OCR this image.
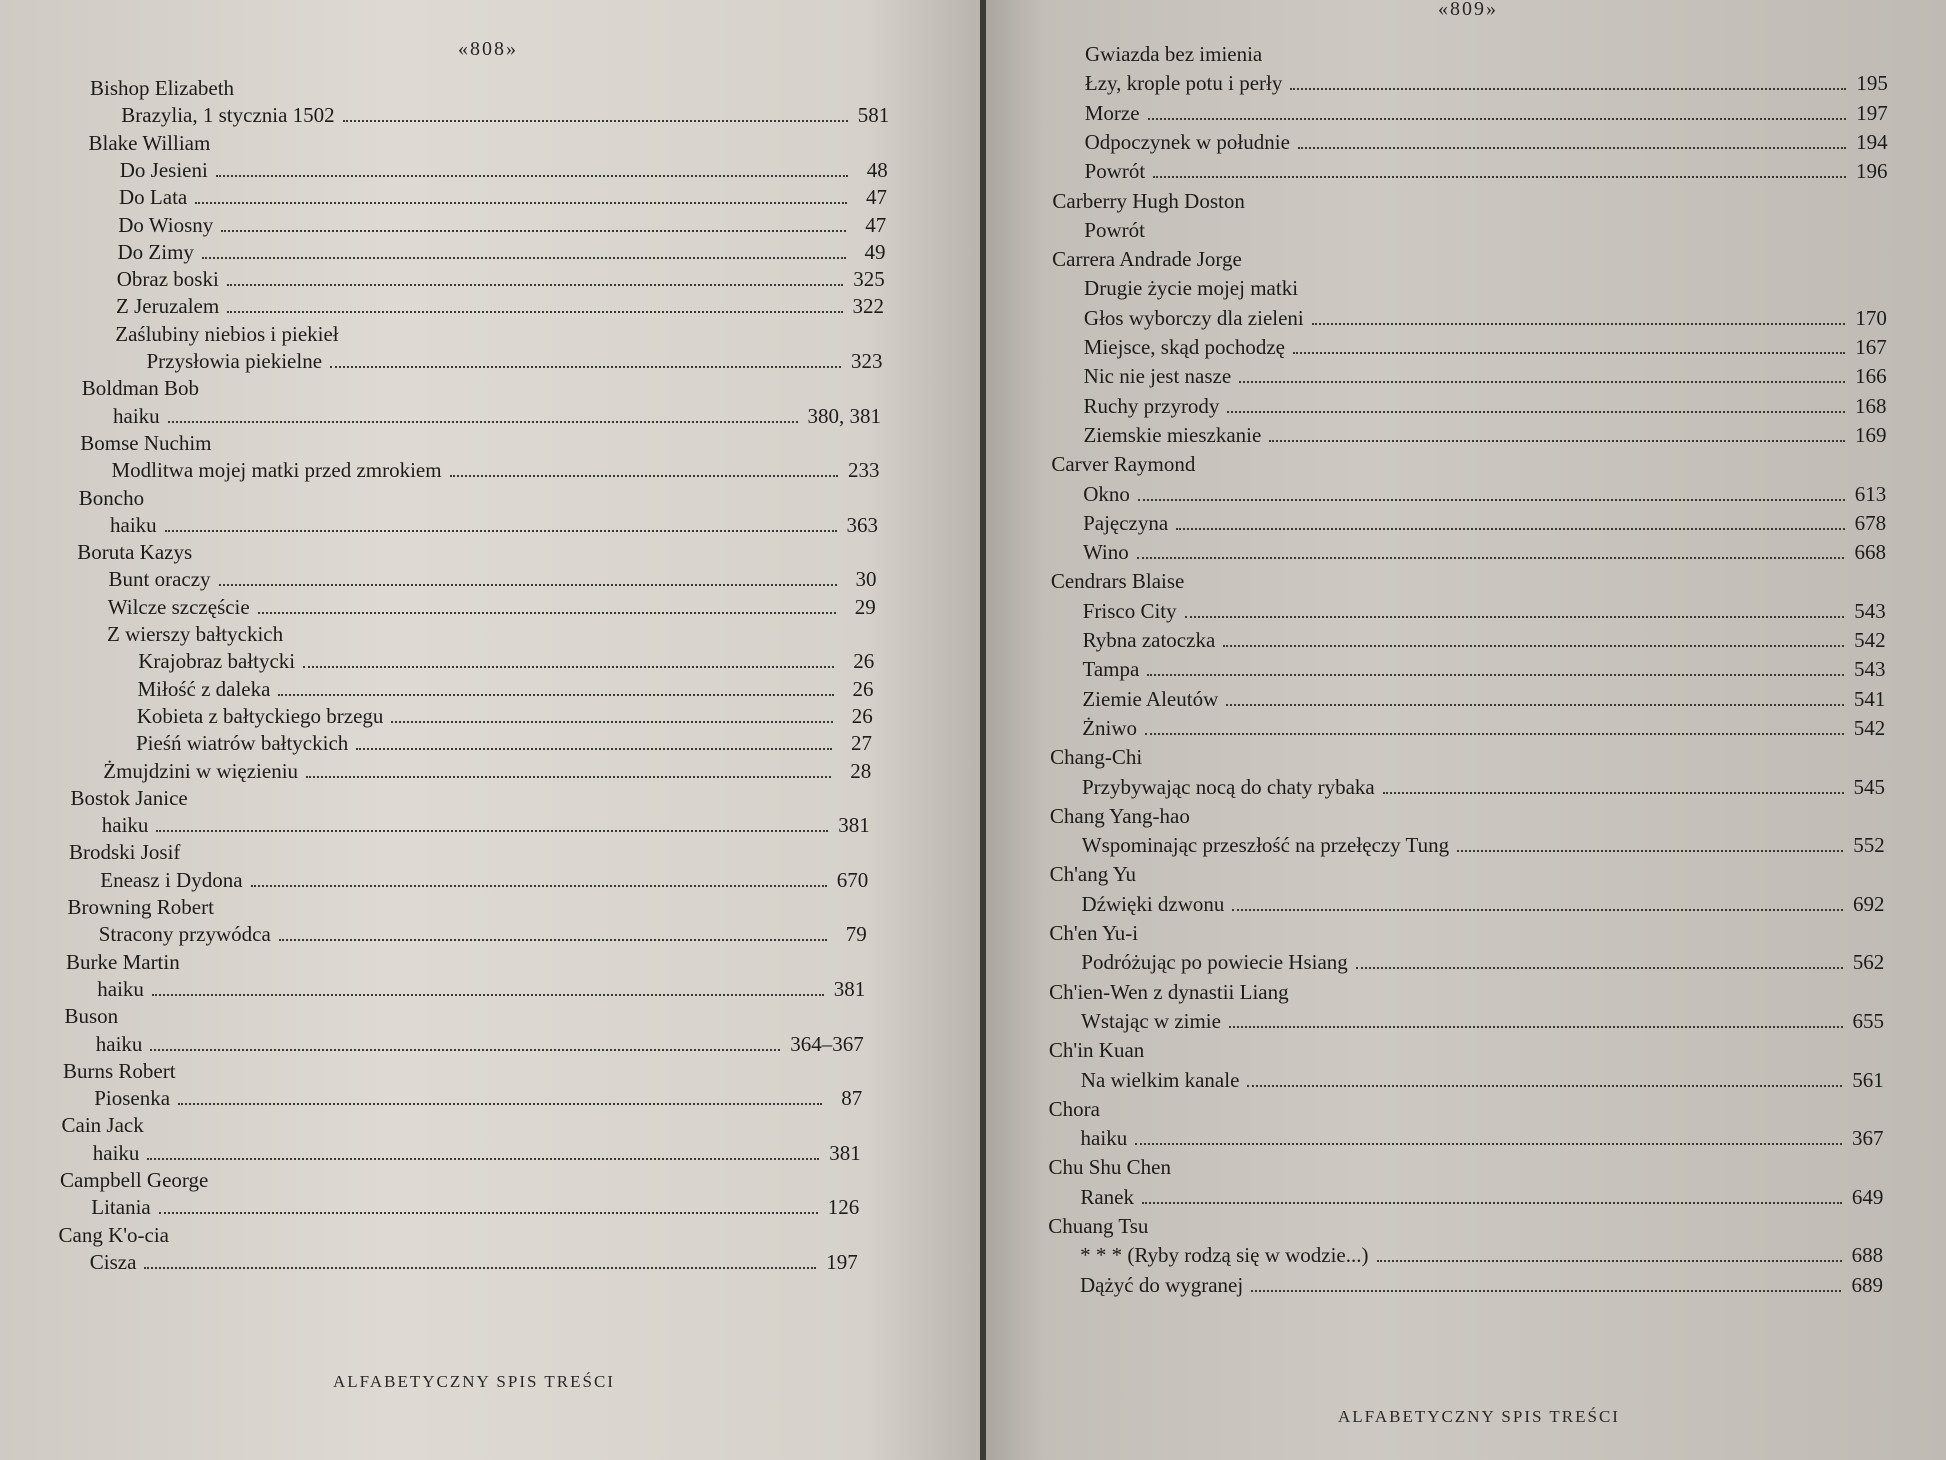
«808»
Bishop Elizabeth
Brazylia, 1 stycznia 1502	581
Blake William
Do Jesieni	48
Do Lata	47
Do Wiosny	47
Do Zimy	49
Obraz boski	325
Z Jeruzalem	322
Zaślubiny niebios i piekieł
Przysłowia piekielne	323
Boldman Bob
haiku	380, 381
Bomse Nuchim
Modlitwa mojej matki przed zmrokiem	233
Boncho
haiku	363
Boruta Kazys
Bunt oraczy	30
Wilcze szczęście	29
Z wierszy bałtyckich
Krajobraz bałtycki	26
Miłość z daleka	26
Kobieta z bałtyckiego brzegu	26
Pieśń wiatrów bałtyckich	27
Żmujdzini w więzieniu	28
Bostok Janice
haiku	381
Brodski Josif
Eneasz i Dydona	670
Browning Robert
Stracony przywódca	79
Burke Martin
haiku	381
Buson
haiku	364–367
Burns Robert
Piosenka	87
Cain Jack
haiku	381
Campbell George
Litania	126
Cang K'o-cia
Cisza	197
ALFABETYCZNY SPIS TREŚCI
«809»
Gwiazda bez imienia
Łzy, krople potu i perły	195
Morze	197
Odpoczynek w południe	194
Powrót	196
Carberry Hugh Doston
Powrót
Carrera Andrade Jorge
Drugie życie mojej matki
Głos wyborczy dla zieleni	170
Miejsce, skąd pochodzę	167
Nic nie jest nasze	166
Ruchy przyrody	168
Ziemskie mieszkanie	169
Carver Raymond
Okno	613
Pajęczyna	678
Wino	668
Cendrars Blaise
Frisco City	543
Rybna zatoczka	542
Tampa	543
Ziemie Aleutów	541
Żniwo	542
Chang-Chi
Przybywając nocą do chaty rybaka	545
Chang Yang-hao
Wspominając przeszłość na przełęczy Tung	552
Ch'ang Yu
Dźwięki dzwonu	692
Ch'en Yu-i
Podróżując po powiecie Hsiang	562
Ch'ien-Wen z dynastii Liang
Wstając w zimie	655
Ch'in Kuan
Na wielkim kanale	561
Chora
haiku	367
Chu Shu Chen
Ranek	649
Chuang Tsu
* * * (Ryby rodzą się w wodzie...)	688
Dążyć do wygranej	689
ALFABETYCZNY SPIS TREŚCI
